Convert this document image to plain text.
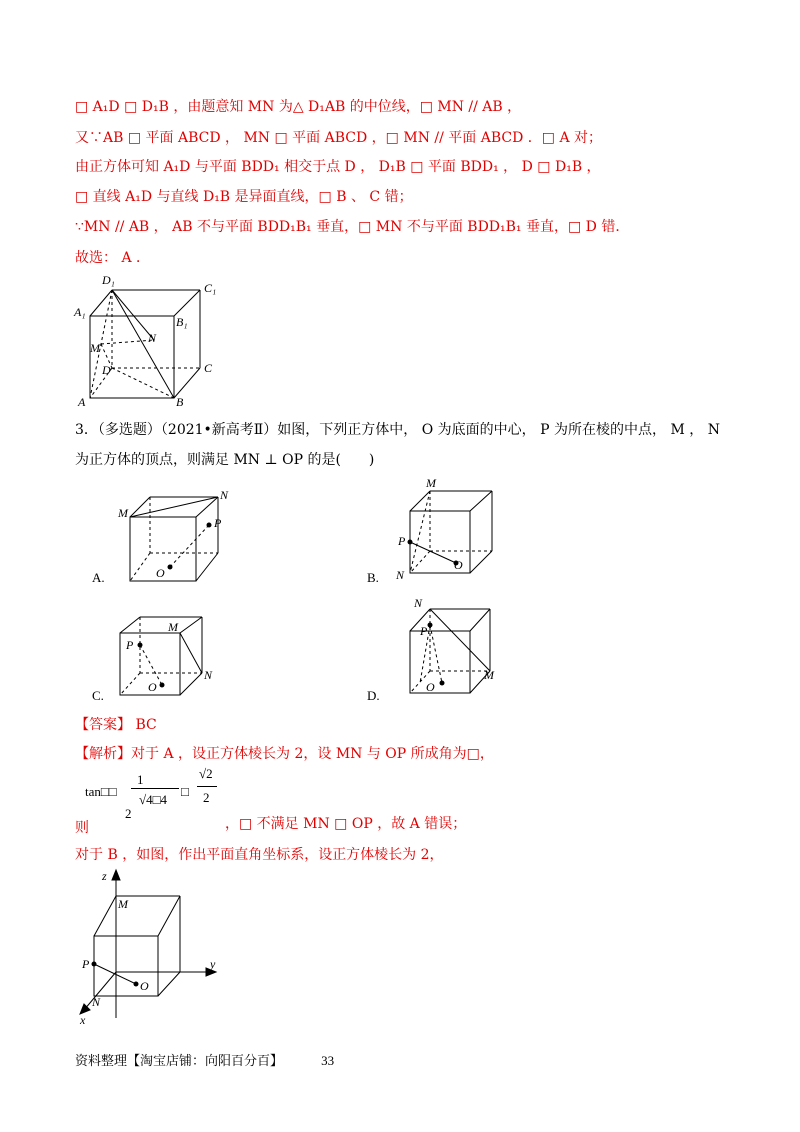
□ A₁D □ D₁B ，由题意知 MN 为△ D₁AB 的中位线，□ MN // AB ，
又∵AB □ 平面 ABCD ， MN □ 平面 ABCD ，□ MN // 平面 ABCD ．□ A 对；
由正方体可知 A₁D 与平面 BDD₁ 相交于点 D ， D₁B □ 平面 BDD₁ ， D □ D₁B ，
□ 直线 A₁D 与直线 D₁B 是异面直线，□ B 、 C 错；
∵MN // AB ， AB 不与平面 BDD₁B₁ 垂直，□ MN 不与平面 BDD₁B₁ 垂直，□ D 错．
故选： A ．
D₁
C₁
A₁
B₁
N
M
D	C
A	B
3．（多选题）（2021•新高考Ⅱ）如图，下列正方体中， O 为底面的中心， P 为所在棱的中点， M ， N
为正方体的顶点，则满足 MN ⊥ OP 的是(　　)
M
N
P
O
A.
M
P
N
O
B.
M
P
N
O
C.
N
P
M
O
D.
【答案】 BC
【解析】对于 A ，设正方体棱长为 2，设 MN 与 OP 所成角为□，
tan□□
1
2
√4□4
□
√2
2
则	，□ 不满足 MN □ OP ，故 A 错误；
对于 B ，如图，作出平面直角坐标系，设正方体棱长为 2，
z
M
P	y
N
O
x
资料整理【淘宝店铺：向阳百分百】	33
